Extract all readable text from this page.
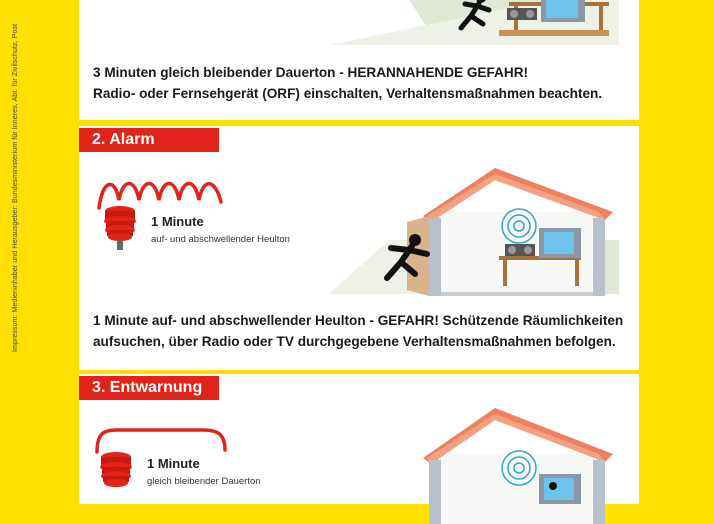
Impressum: Medieninhaber und Herausgeber: Bundesministerium für Inneres, Abt. für Zivilschutz, Post	3 Minuten gleich bleibender Dauerton - HERANNAHENDE GEFAHR!
Radio- oder Fernsehgerät (ORF) einschalten, Verhaltensmaßnahmen beachten.
2. Alarm
1 Minute
auf- und abschwellender Heulton
1 Minute auf- und abschwellender Heulton - GEFAHR! Schützende Räumlichkeiten
aufsuchen, über Radio oder TV durchgegebene Verhaltensmaßnahmen befolgen.
3. Entwarnung
1 Minute
gleich bleibender Dauerton
